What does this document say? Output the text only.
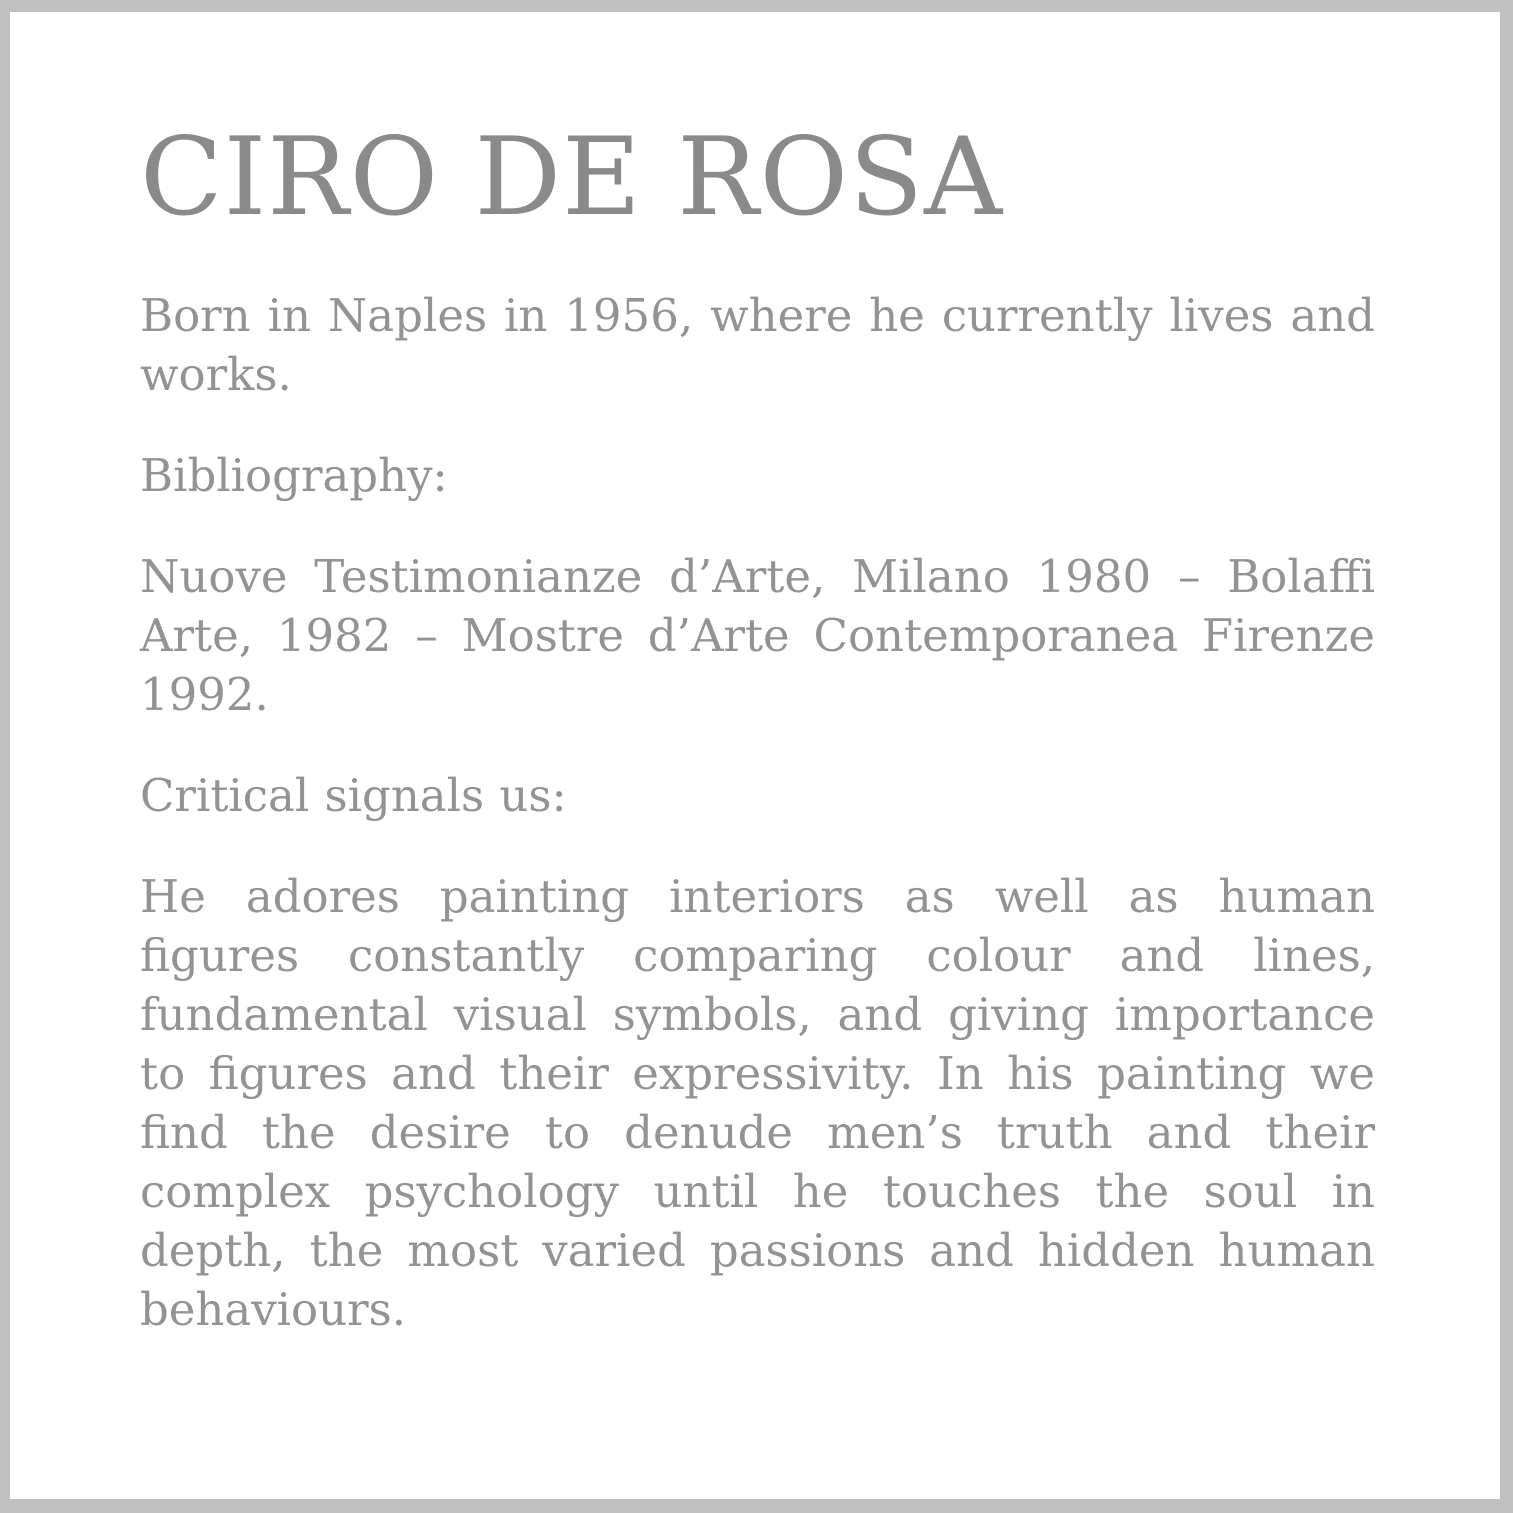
CIRO DE ROSA

Born in Naples in 1956, where he currently lives and works.

Bibliography:

Nuove Testimonianze d’Arte, Milano 1980 – Bolaffi Arte, 1982 – Mostre d’Arte Contemporanea Firenze 1992.

Critical signals us:

He adores painting interiors as well as human figures constantly comparing colour and lines, fundamental visual symbols, and giving importance to figures and their expressivity. In his painting we find the desire to denude men’s truth and their complex psychology until he touches the soul in depth, the most varied passions and hidden human behaviours.
